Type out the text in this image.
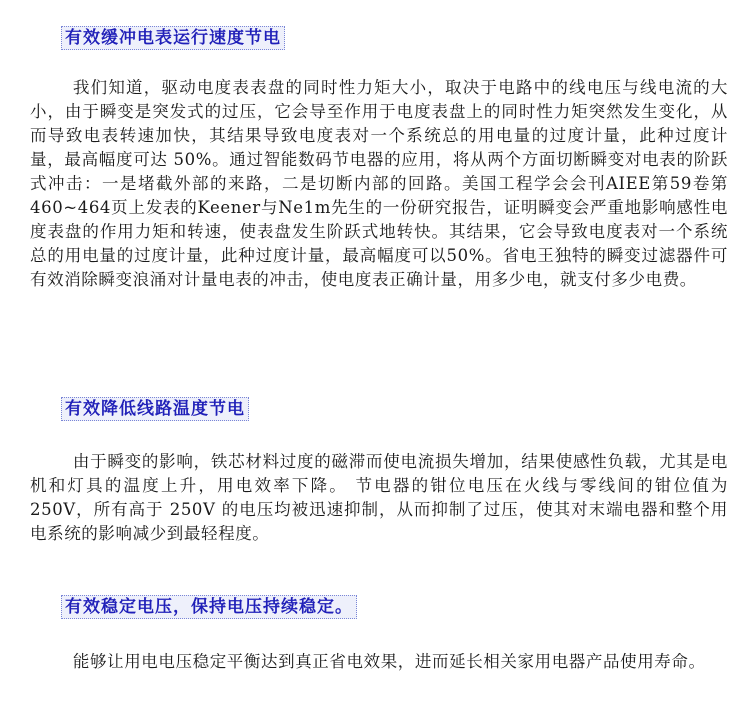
有效缓冲电表运行速度节电

我们知道，驱动电度表表盘的同时性力矩大小，取决于电路中的线电压与线电流的大小，由于瞬变是突发式的过压，它会导至作用于电度表盘上的同时性力矩突然发生变化，从而导致电表转速加快，其结果导致电度表对一个系统总的用电量的过度计量，此种过度计量，最高幅度可达 50%。通过智能数码节电器的应用，将从两个方面切断瞬变对电表的阶跃式冲击：一是堵截外部的来路，二是切断内部的回路。美国工程学会会刊AIEE第59卷第460~464页上发表的Keener与Ne1m先生的一份研究报告，证明瞬变会严重地影响感性电度表盘的作用力矩和转速，使表盘发生阶跃式地转快。其结果，它会导致电度表对一个系统总的用电量的过度计量，此种过度计量，最高幅度可以50%。省电王独特的瞬变过滤器件可有效消除瞬变浪涌对计量电表的冲击，使电度表正确计量，用多少电，就支付多少电费。

有效降低线路温度节电

由于瞬变的影响，铁芯材料过度的磁滞而使电流损失增加，结果使感性负载，尤其是电机和灯具的温度上升，用电效率下降。 节电器的钳位电压在火线与零线间的钳位值为 250V，所有高于 250V 的电压均被迅速抑制，从而抑制了过压，使其对末端电器和整个用电系统的影响减少到最轻程度。

有效稳定电压，保持电压持续稳定。

能够让用电电压稳定平衡达到真正省电效果，进而延长相关家用电器产品使用寿命。
